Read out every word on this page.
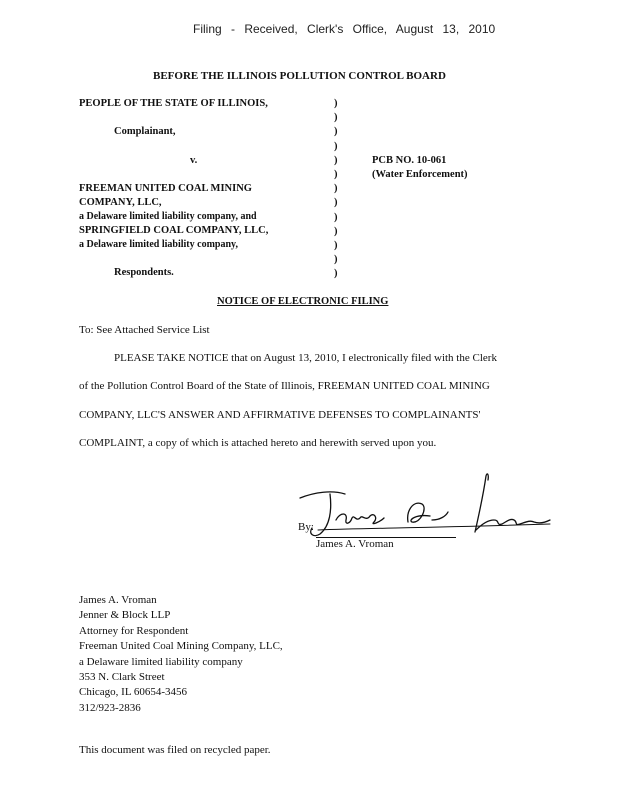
Filing - Received, Clerk's Office, August 13, 2010
BEFORE THE ILLINOIS POLLUTION CONTROL BOARD
PEOPLE OF THE STATE OF ILLINOIS,
Complainant,
v.
FREEMAN UNITED COAL MINING
COMPANY, LLC,
a Delaware limited liability company, and
SPRINGFIELD COAL COMPANY, LLC,
a Delaware limited liability company,
Respondents.
)
)
)
)
)
)
)
)
)
)
)
)
)
PCB NO. 10-061
(Water Enforcement)
NOTICE OF ELECTRONIC FILING
To: See Attached Service List
PLEASE TAKE NOTICE that on August 13, 2010, I electronically filed with the Clerk
of the Pollution Control Board of the State of Illinois, FREEMAN UNITED COAL MINING
COMPANY, LLC'S ANSWER AND AFFIRMATIVE DEFENSES TO COMPLAINANTS'
COMPLAINT, a copy of which is attached hereto and herewith served upon you.
By:
James A. Vroman
James A. Vroman
Jenner & Block LLP
Attorney for Respondent
Freeman United Coal Mining Company, LLC,
a Delaware limited liability company
353 N. Clark Street
Chicago, IL 60654-3456
312/923-2836
This document was filed on recycled paper.
